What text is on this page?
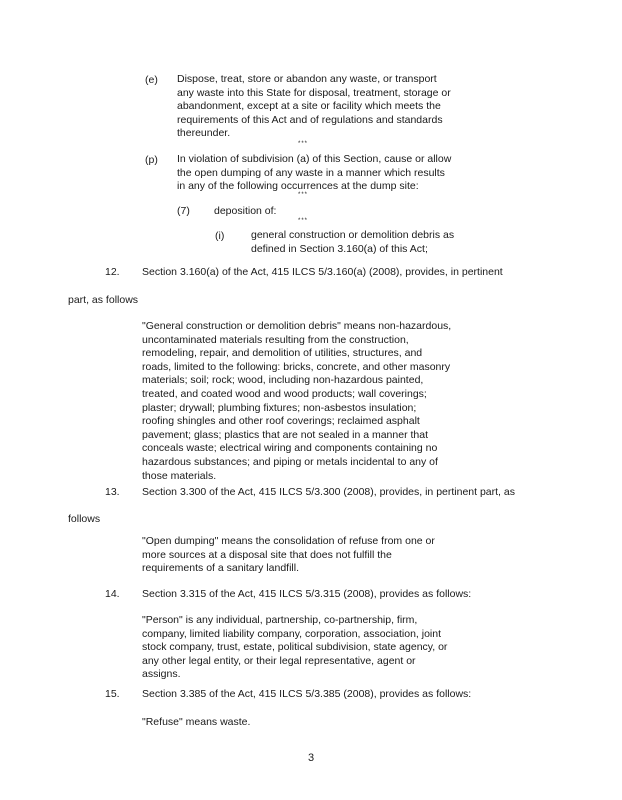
(e) Dispose, treat, store or abandon any waste, or transport
any waste into this State for disposal, treatment, storage or
abandonment, except at a site or facility which meets the
requirements of this Act and of regulations and standards
thereunder.
***
(p) In violation of subdivision (a) of this Section, cause or allow
the open dumping of any waste in a manner which results
in any of the following occurrences at the dump site:
***
(7) deposition of:
***
(i)	general construction or demolition debris as
defined in Section 3.160(a) of this Act;
12. Section 3.160(a) of the Act, 415 ILCS 5/3.160(a) (2008), provides, in pertinent
part, as follows
"General construction or demolition debris" means non-hazardous,
uncontaminated materials resulting from the construction,
remodeling, repair, and demolition of utilities, structures, and
roads, limited to the following: bricks, concrete, and other masonry
materials; soil; rock; wood, including non-hazardous painted,
treated, and coated wood and wood products; wall coverings;
plaster; drywall; plumbing fixtures; non-asbestos insulation;
roofing shingles and other roof coverings; reclaimed asphalt
pavement; glass; plastics that are not sealed in a manner that
conceals waste; electrical wiring and components containing no
hazardous substances; and piping or metals incidental to any of
those materials.
13. Section 3.300 of the Act, 415 ILCS 5/3.300 (2008), provides, in pertinent part, as
follows
"Open dumping" means the consolidation of refuse from one or
more sources at a disposal site that does not fulfill the
requirements of a sanitary landfill.
14. Section 3.315 of the Act, 415 ILCS 5/3.315 (2008), provides as follows:
"Person" is any individual, partnership, co-partnership, firm,
company, limited liability company, corporation, association, joint
stock company, trust, estate, political subdivision, state agency, or
any other legal entity, or their legal representative, agent or
assigns.
15. Section 3.385 of the Act, 415 ILCS 5/3.385 (2008), provides as follows:
"Refuse" means waste.
3
